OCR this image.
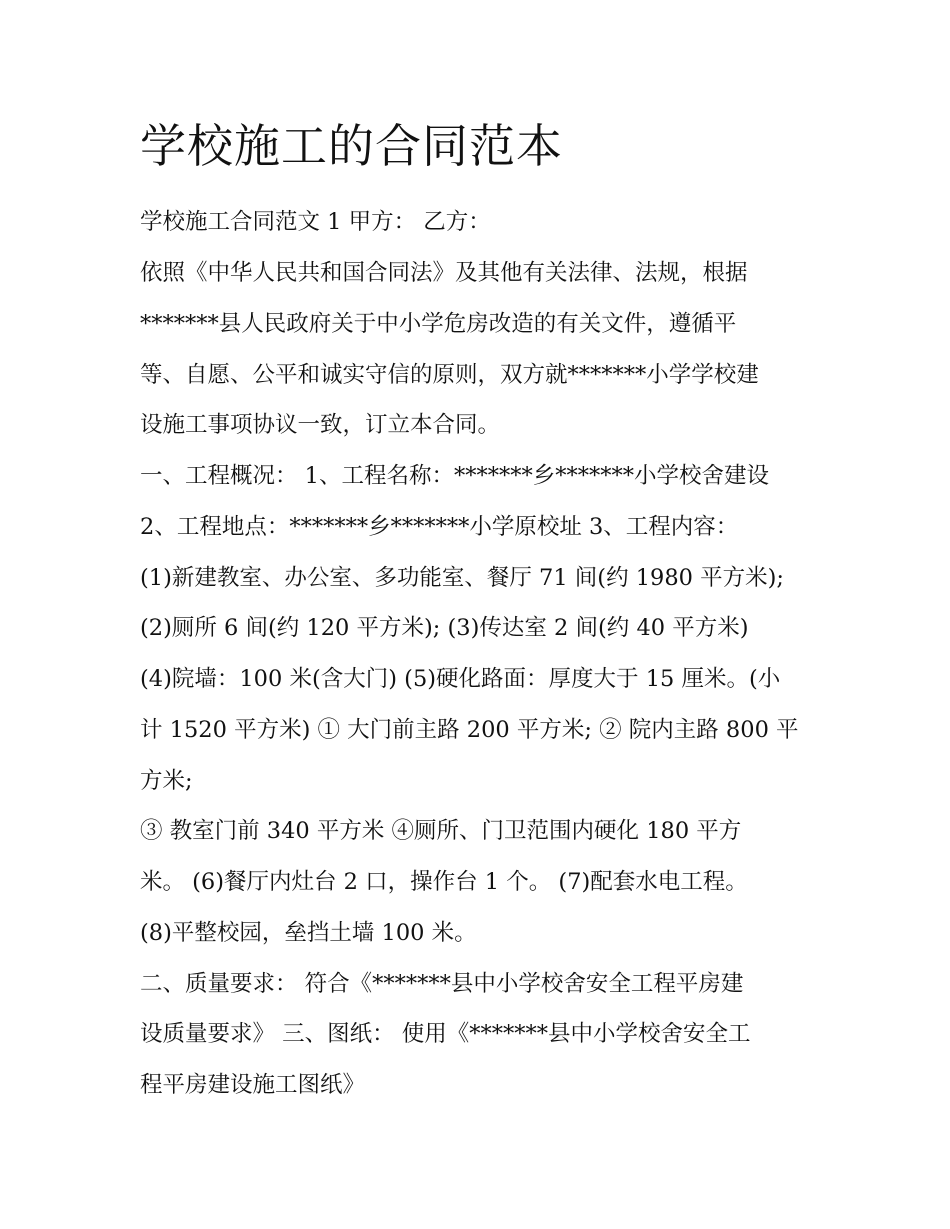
学校施工的合同范本

学校施工合同范文 1 甲方： 乙方：

依照《中华人民共和国合同法》及其他有关法律、法规，根据

*******县人民政府关于中小学危房改造的有关文件，遵循平

等、自愿、公平和诚实守信的原则，双方就*******小学学校建

设施工事项协议一致，订立本合同。

一、工程概况： 1、工程名称：*******乡*******小学校舍建设

2、工程地点：*******乡*******小学原校址 3、工程内容：

(1)新建教室、办公室、多功能室、餐厅 71 间(约 1980 平方米);

(2)厕所 6 间(约 120 平方米); (3)传达室 2 间(约 40 平方米)

(4)院墙：100 米(含大门) (5)硬化路面：厚度大于 15 厘米。(小

计 1520 平方米) ① 大门前主路 200 平方米; ② 院内主路 800 平

方米;

③ 教室门前 340 平方米 ④厕所、门卫范围内硬化 180 平方

米。 (6)餐厅内灶台 2 口，操作台 1 个。 (7)配套水电工程。

(8)平整校园，垒挡土墙 100 米。

二、质量要求： 符合《*******县中小学校舍安全工程平房建

设质量要求》 三、图纸： 使用《*******县中小学校舍安全工

程平房建设施工图纸》
